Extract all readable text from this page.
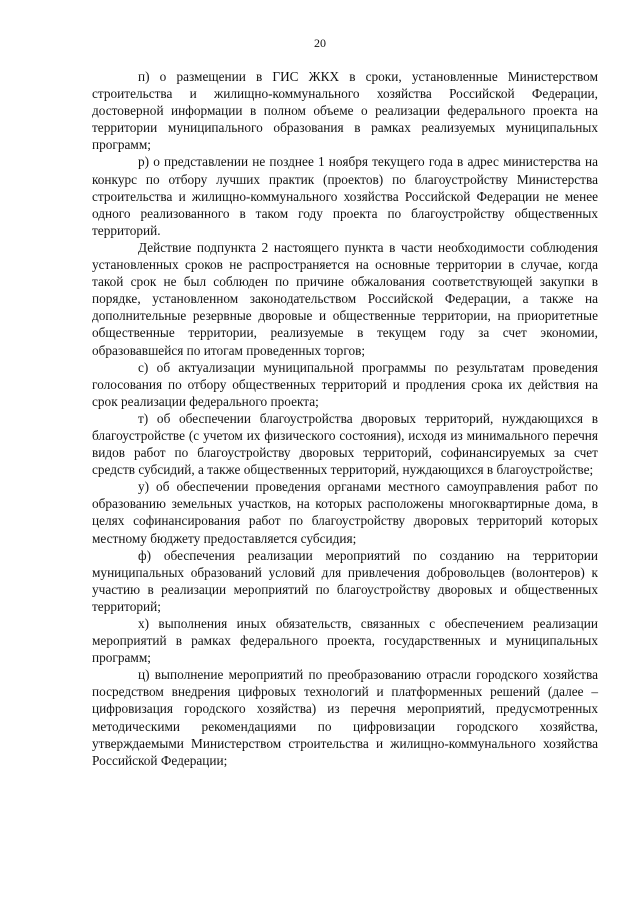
20

п) о размещении в ГИС ЖКХ в сроки, установленные Министерством строительства и жилищно-коммунального хозяйства Российской Федерации, достоверной информации в полном объеме о реализации федерального проекта на территории муниципального образования в рамках реализуемых муниципальных программ;

р) о представлении не позднее 1 ноября текущего года в адрес министерства на конкурс по отбору лучших практик (проектов) по благоустройству Министерства строительства и жилищно-коммунального хозяйства Российской Федерации не менее одного реализованного в таком году проекта по благоустройству общественных территорий.

Действие подпункта 2 настоящего пункта в части необходимости соблюдения установленных сроков не распространяется на основные территории в случае, когда такой срок не был соблюден по причине обжалования соответствующей закупки в порядке, установленном законодательством Российской Федерации, а также на дополнительные резервные дворовые и общественные территории, на приоритетные общественные территории, реализуемые в текущем году за счет экономии, образовавшейся по итогам проведенных торгов;

с) об актуализации муниципальной программы по результатам проведения голосования по отбору общественных территорий и продления срока их действия на срок реализации федерального проекта;

т) об обеспечении благоустройства дворовых территорий, нуждающихся в благоустройстве (с учетом их физического состояния), исходя из минимального перечня видов работ по благоустройству дворовых территорий, софинансируемых за счет средств субсидий, а также общественных территорий, нуждающихся в благоустройстве;

у) об обеспечении проведения органами местного самоуправления работ по образованию земельных участков, на которых расположены многоквартирные дома, в целях софинансирования работ по благоустройству дворовых территорий которых местному бюджету предоставляется субсидия;

ф) обеспечения реализации мероприятий по созданию на территории муниципальных образований условий для привлечения добровольцев (волонтеров) к участию в реализации мероприятий по благоустройству дворовых и общественных территорий;

х) выполнения иных обязательств, связанных с обеспечением реализации мероприятий в рамках федерального проекта, государственных и муниципальных программ;

ц) выполнение мероприятий по преобразованию отрасли городского хозяйства посредством внедрения цифровых технологий и платформенных решений (далее – цифровизация городского хозяйства) из перечня мероприятий, предусмотренных методическими рекомендациями по цифровизации городского хозяйства, утверждаемыми Министерством строительства и жилищно-коммунального хозяйства Российской Федерации;
